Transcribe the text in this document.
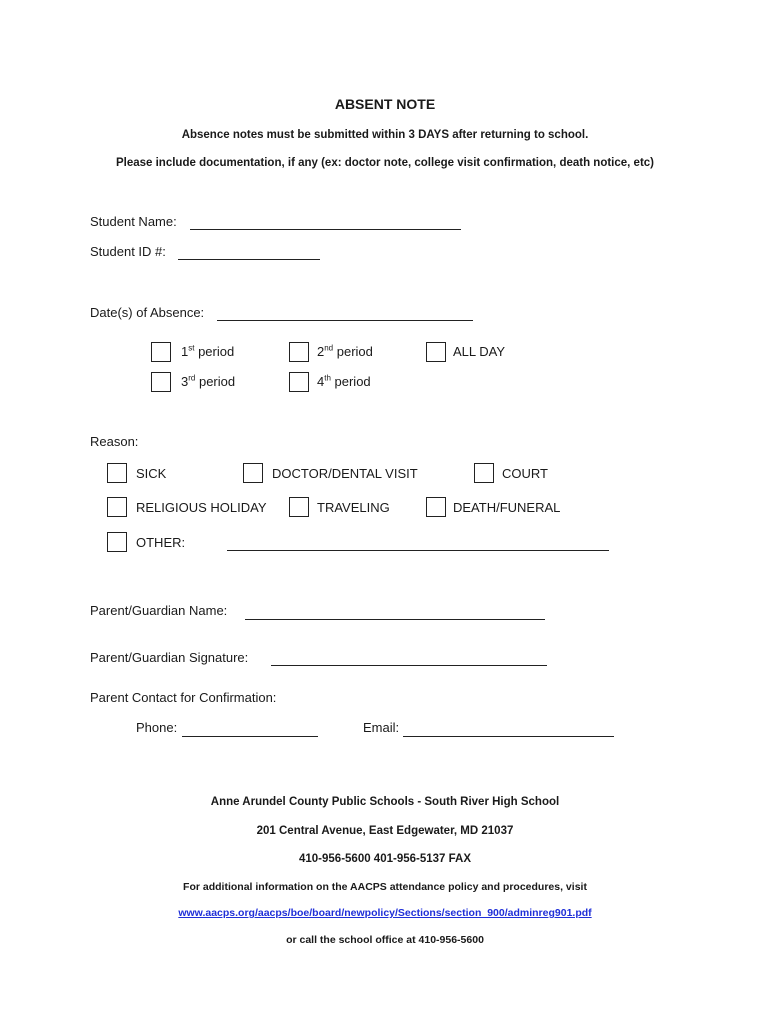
ABSENT NOTE
Absence notes must be submitted within 3 DAYS after returning to school.
Please include documentation, if any (ex: doctor note, college visit confirmation, death notice, etc)
Student Name:
Student ID #:
Date(s) of Absence:
1st period	2nd period	ALL DAY
3rd period	4th period
Reason:
SICK	DOCTOR/DENTAL VISIT	COURT
RELIGIOUS HOLIDAY	TRAVELING	DEATH/FUNERAL
OTHER:
Parent/Guardian Name:
Parent/Guardian Signature:
Parent Contact for Confirmation:
Phone:	Email:
Anne Arundel County Public Schools - South River High School
201 Central Avenue, East Edgewater, MD 21037
410-956-5600 401-956-5137 FAX
For additional information on the AACPS attendance policy and procedures, visit
www.aacps.org/aacps/boe/board/newpolicy/Sections/section_900/adminreg901.pdf
or call the school office at 410-956-5600
